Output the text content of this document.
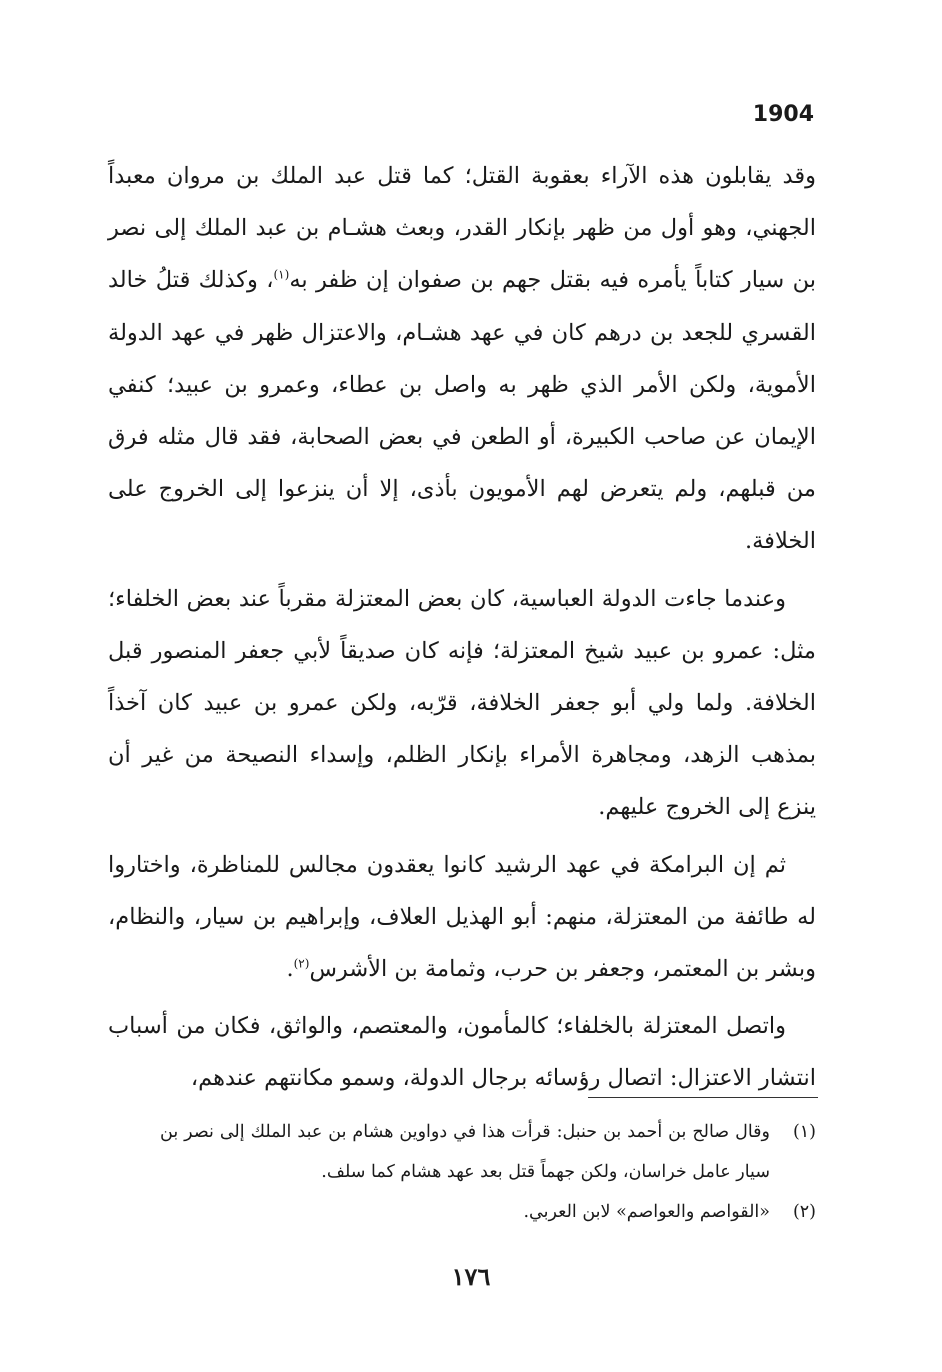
1904

وقد يقابلون هذه الآراء بعقوبة القتل؛ كما قتل عبد الملك بن مروان معبداً الجهني، وهو أول من ظهر بإنكار القدر، وبعث هشـام بن عبد الملك إلى نصر بن سيار كتاباً يأمره فيه بقتل جهم بن صفوان إن ظفر به$^{(١)}$، وكذلك قتلُ خالد القسري للجعد بن درهم كان في عهد هشـام، والاعتزال ظهر في عهد الدولة الأموية، ولكن الأمر الذي ظهر به واصل بن عطاء، وعمرو بن عبيد؛ كنفي الإيمان عن صاحب الكبيرة، أو الطعن في بعض الصحابة، فقد قال مثله فرق من قبلهم، ولم يتعرض لهم الأمويون بأذى، إلا أن ينزعوا إلى الخروج على الخلافة.

وعندما جاءت الدولة العباسية، كان بعض المعتزلة مقرباً عند بعض الخلفاء؛ مثل: عمرو بن عبيد شيخ المعتزلة؛ فإنه كان صديقاً لأبي جعفر المنصور قبل الخلافة. ولما ولي أبو جعفر الخلافة، قرّبه، ولكن عمرو بن عبيد كان آخذاً بمذهب الزهد، ومجاهرة الأمراء بإنكار الظلم، وإسداء النصيحة من غير أن ينزع إلى الخروج عليهم.

ثم إن البرامكة في عهد الرشيد كانوا يعقدون مجالس للمناظرة، واختاروا له طائفة من المعتزلة، منهم: أبو الهذيل العلاف، وإبراهيم بن سيار، والنظام، وبشر بن المعتمر، وجعفر بن حرب، وثمامة بن الأشرس$^{(٢)}$.

واتصل المعتزلة بالخلفاء؛ كالمأمون، والمعتصم، والواثق، فكان من أسباب انتشار الاعتزال: اتصال رؤسائه برجال الدولة، وسمو مكانتهم عندهم،

(١)
وقال صالح بن أحمد بن حنبل: قرأت هذا في دواوين هشام بن عبد الملك إلى نصر بن سيار عامل خراسان، ولكن جهماً قتل بعد عهد هشام كما سلف.
(٢)
«القواصم والعواصم» لابن العربي.
١٧٦
